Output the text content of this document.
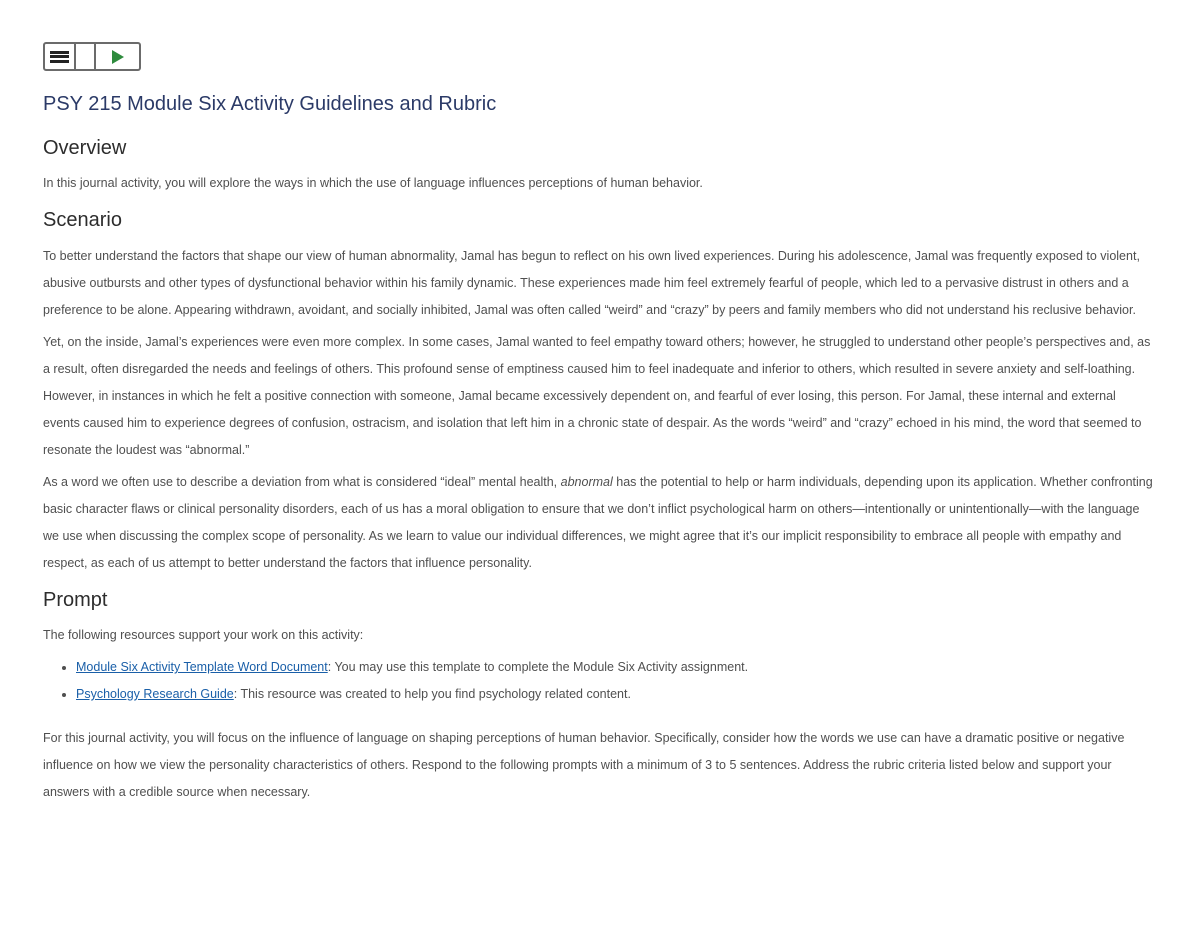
PSY 215 Module Six Activity Guidelines and Rubric
Overview

In this journal activity, you will explore the ways in which the use of language influences perceptions of human behavior.

Scenario

To better understand the factors that shape our view of human abnormality, Jamal has begun to reflect on his own lived experiences. During his adolescence, Jamal was frequently exposed to violent, abusive outbursts and other types of dysfunctional behavior within his family dynamic. These experiences made him feel extremely fearful of people, which led to a pervasive distrust in others and a preference to be alone. Appearing withdrawn, avoidant, and socially inhibited, Jamal was often called “weird” and “crazy” by peers and family members who did not understand his reclusive behavior.

Yet, on the inside, Jamal’s experiences were even more complex. In some cases, Jamal wanted to feel empathy toward others; however, he struggled to understand other people’s perspectives and, as a result, often disregarded the needs and feelings of others. This profound sense of emptiness caused him to feel inadequate and inferior to others, which resulted in severe anxiety and self-loathing. However, in instances in which he felt a positive connection with someone, Jamal became excessively dependent on, and fearful of ever losing, this person. For Jamal, these internal and external events caused him to experience degrees of confusion, ostracism, and isolation that left him in a chronic state of despair. As the words “weird” and “crazy” echoed in his mind, the word that seemed to resonate the loudest was “abnormal.”

As a word we often use to describe a deviation from what is considered “ideal” mental health, abnormal has the potential to help or harm individuals, depending upon its application. Whether confronting basic character flaws or clinical personality disorders, each of us has a moral obligation to ensure that we don’t inflict psychological harm on others—intentionally or unintentionally—with the language we use when discussing the complex scope of personality. As we learn to value our individual differences, we might agree that it’s our implicit responsibility to embrace all people with empathy and respect, as each of us attempt to better understand the factors that influence personality.

Prompt

The following resources support your work on this activity:

• Module Six Activity Template Word Document: You may use this template to complete the Module Six Activity assignment.
• Psychology Research Guide: This resource was created to help you find psychology related content.

For this journal activity, you will focus on the influence of language on shaping perceptions of human behavior. Specifically, consider how the words we use can have a dramatic positive or negative influence on how we view the personality characteristics of others. Respond to the following prompts with a minimum of 3 to 5 sentences. Address the rubric criteria listed below and support your answers with a credible source when necessary.
